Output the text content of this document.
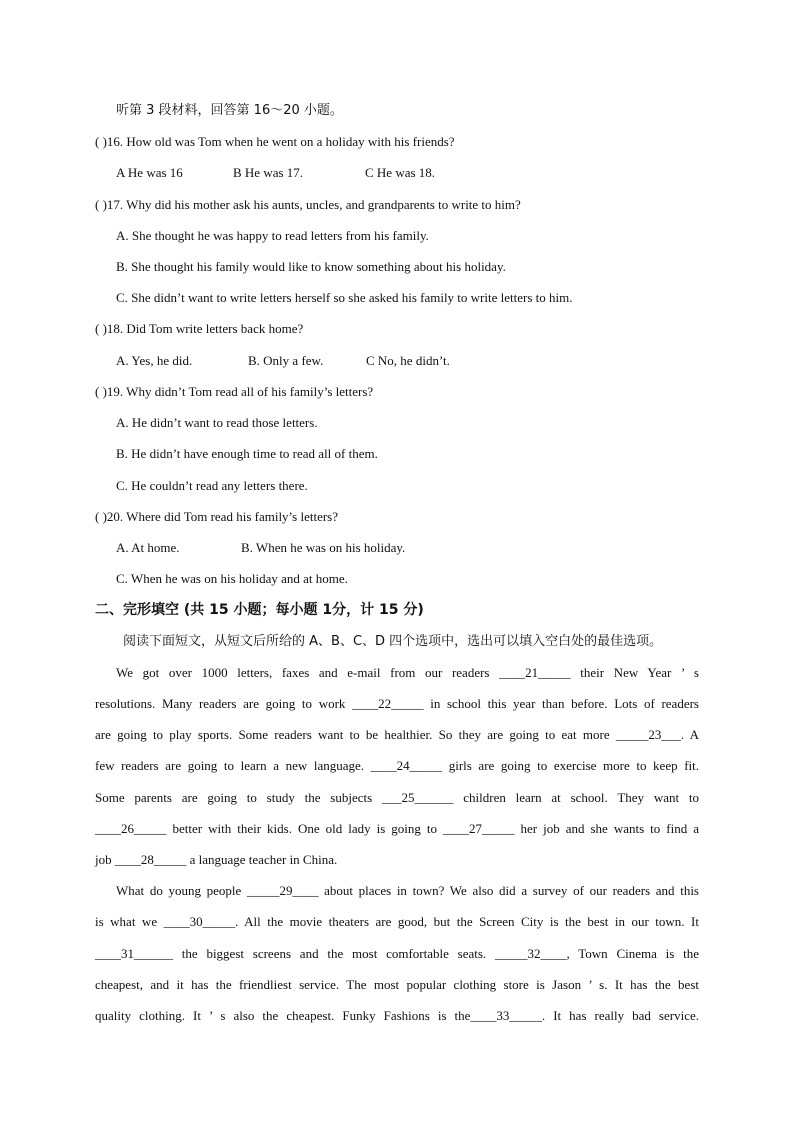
听第 3 段材料，回答第 16～20 小题。
( )16. How old was Tom when he went on a holiday with his friends?
A He was 16	B He was 17.	C He was 18.
( )17. Why did his mother ask his aunts, uncles, and grandparents to write to him?
A. She thought he was happy to read letters from his family.
B. She thought his family would like to know something about his holiday.
C. She didn’t want to write letters herself so she asked his family to write letters to him.
( )18. Did Tom write letters back home?
A. Yes, he did.	B. Only a few.	C No, he didn’t.
( )19. Why didn’t Tom read all of his family’s letters?
A. He didn’t want to read those letters.
B. He didn’t have enough time to read all of them.
C. He couldn’t read any letters there.
( )20. Where did Tom read his family’s letters?
A. At home.	B. When he was on his holiday.
C. When he was on his holiday and at home.
二、完形填空 (共 15 小题；每小题 1分，计 15 分)
阅读下面短文，从短文后所给的 A、B、C、D 四个选项中，选出可以填入空白处的最佳选项。
We got over 1000 letters, faxes and e-mail from our readers ____21_____ their New Year ’ s
resolutions. Many readers are going to work ____22_____ in school this year than before. Lots of readers
are going to play sports. Some readers want to be healthier. So they are going to eat more _____23___. A
few readers are going to learn a new language. ____24_____ girls are going to exercise more to keep fit.
Some parents are going to study the subjects ___25______ children learn at school. They want to
____26_____ better with their kids. One old lady is going to ____27_____ her job and she wants to find a
job ____28_____ a language teacher in China.
What do young people _____29____ about places in town? We also did a survey of our readers and this
is what we ____30_____. All the movie theaters are good, but the Screen City is the best in our town. It
____31______ the biggest screens and the most comfortable seats. _____32____, Town Cinema is the
cheapest, and it has the friendliest service. The most popular clothing store is Jason ’ s. It has the best
quality clothing. It ’ s also the cheapest. Funky Fashions is the____33_____. It has really bad service.
